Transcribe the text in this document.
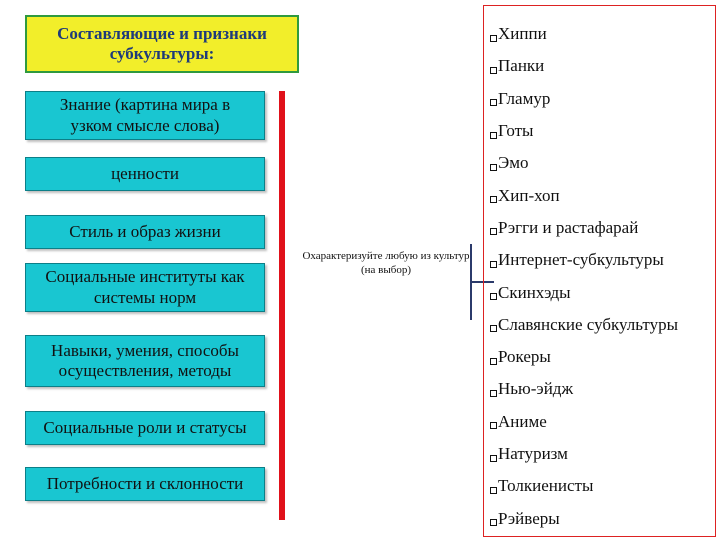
Составляющие и признаки субкультуры:
Знание (картина мира в узком смысле слова)
ценности
Стиль и образ жизни
Социальные институты как системы норм
Навыки, умения, способы осуществления, методы
Социальные роли и статусы
Потребности и склонности
Охарактеризуйте любую из культур (на выбор)
Хиппи
Панки
Гламур
Готы
Эмо
Хип-хоп
Рэгги и растафарай
Интернет-субкультуры
Скинхэды
Славянские субкультуры
Рокеры
Нью-эйдж
Аниме
Натуризм
Толкиенисты
Рэйверы
